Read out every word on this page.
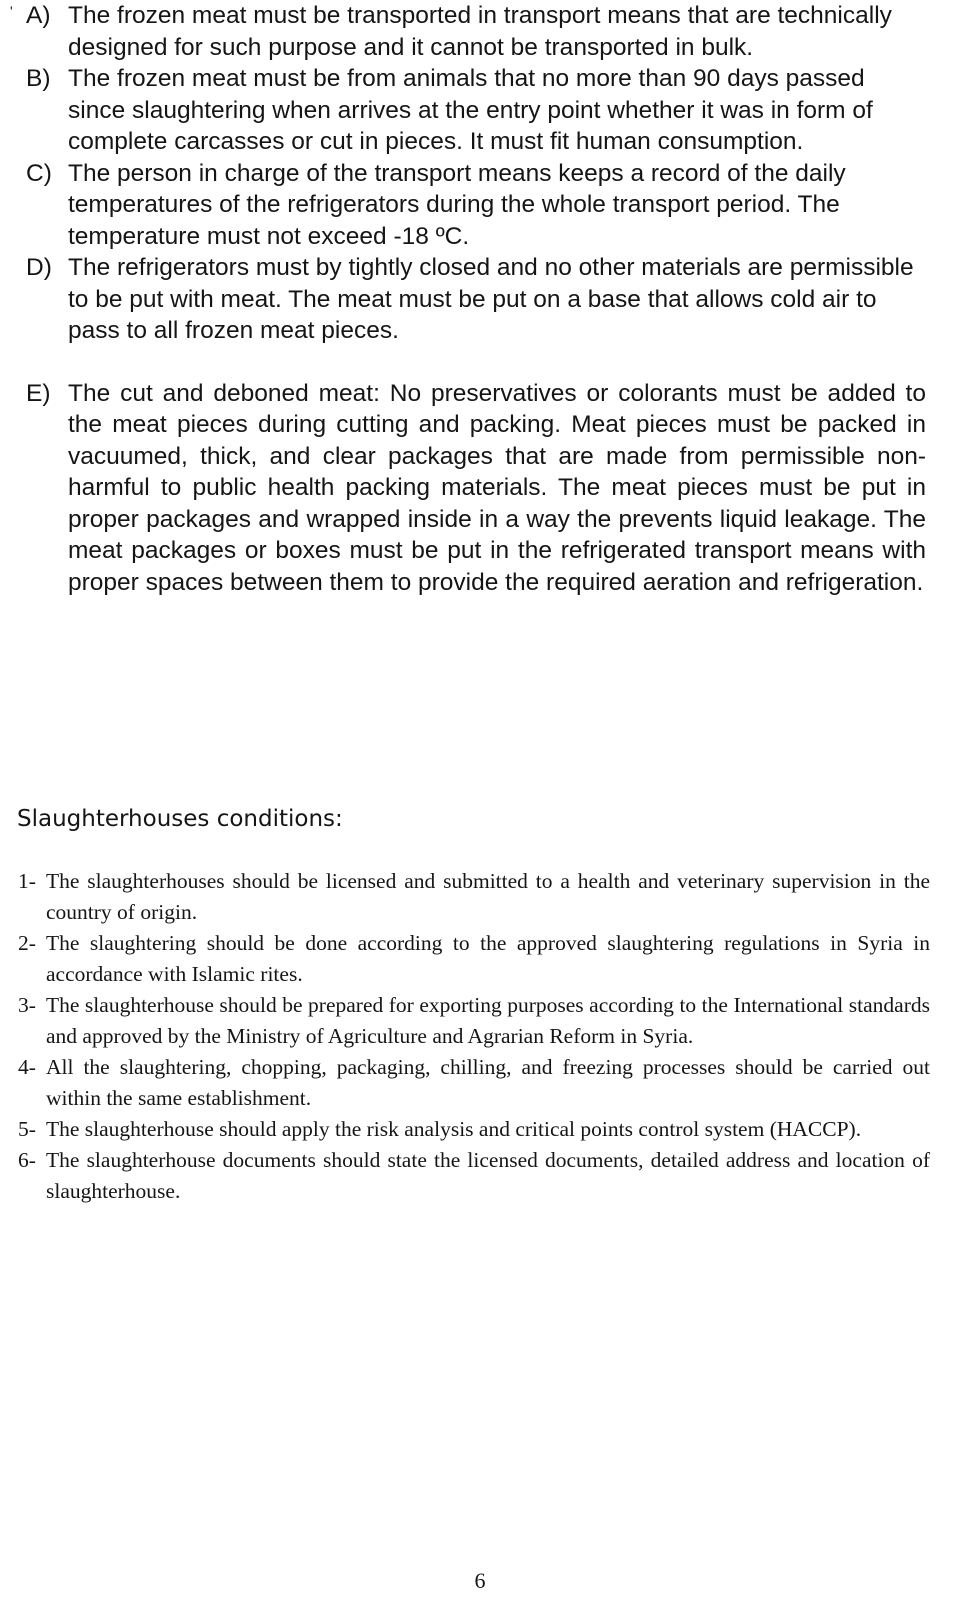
' A) The frozen meat must be transported in transport means that are technically designed for such purpose and it cannot be transported in bulk.
B) The frozen meat must be from animals that no more than 90 days passed since slaughtering when arrives at the entry point whether it was in form of complete carcasses or cut in pieces. It must fit human consumption.
C) The person in charge of the transport means keeps a record of the daily temperatures of the refrigerators during the whole transport period. The temperature must not exceed -18 ºC.
D) The refrigerators must by tightly closed and no other materials are permissible to be put with meat. The meat must be put on a base that allows cold air to pass to all frozen meat pieces.
E) The cut and deboned meat: No preservatives or colorants must be added to the meat pieces during cutting and packing. Meat pieces must be packed in vacuumed, thick, and clear packages that are made from permissible non-harmful to public health packing materials. The meat pieces must be put in proper packages and wrapped inside in a way the prevents liquid leakage. The meat packages or boxes must be put in the refrigerated transport means with proper spaces between them to provide the required aeration and refrigeration.
Slaughterhouses conditions:
1- The slaughterhouses should be licensed and submitted to a health and veterinary supervision in the country of origin.
2- The slaughtering should be done according to the approved slaughtering regulations in Syria in accordance with Islamic rites.
3- The slaughterhouse should be prepared for exporting purposes according to the International standards and approved by the Ministry of Agriculture and Agrarian Reform in Syria.
4- All the slaughtering, chopping, packaging, chilling, and freezing processes should be carried out within the same establishment.
5- The slaughterhouse should apply the risk analysis and critical points control system (HACCP).
6- The slaughterhouse documents should state the licensed documents, detailed address and location of slaughterhouse.
6
